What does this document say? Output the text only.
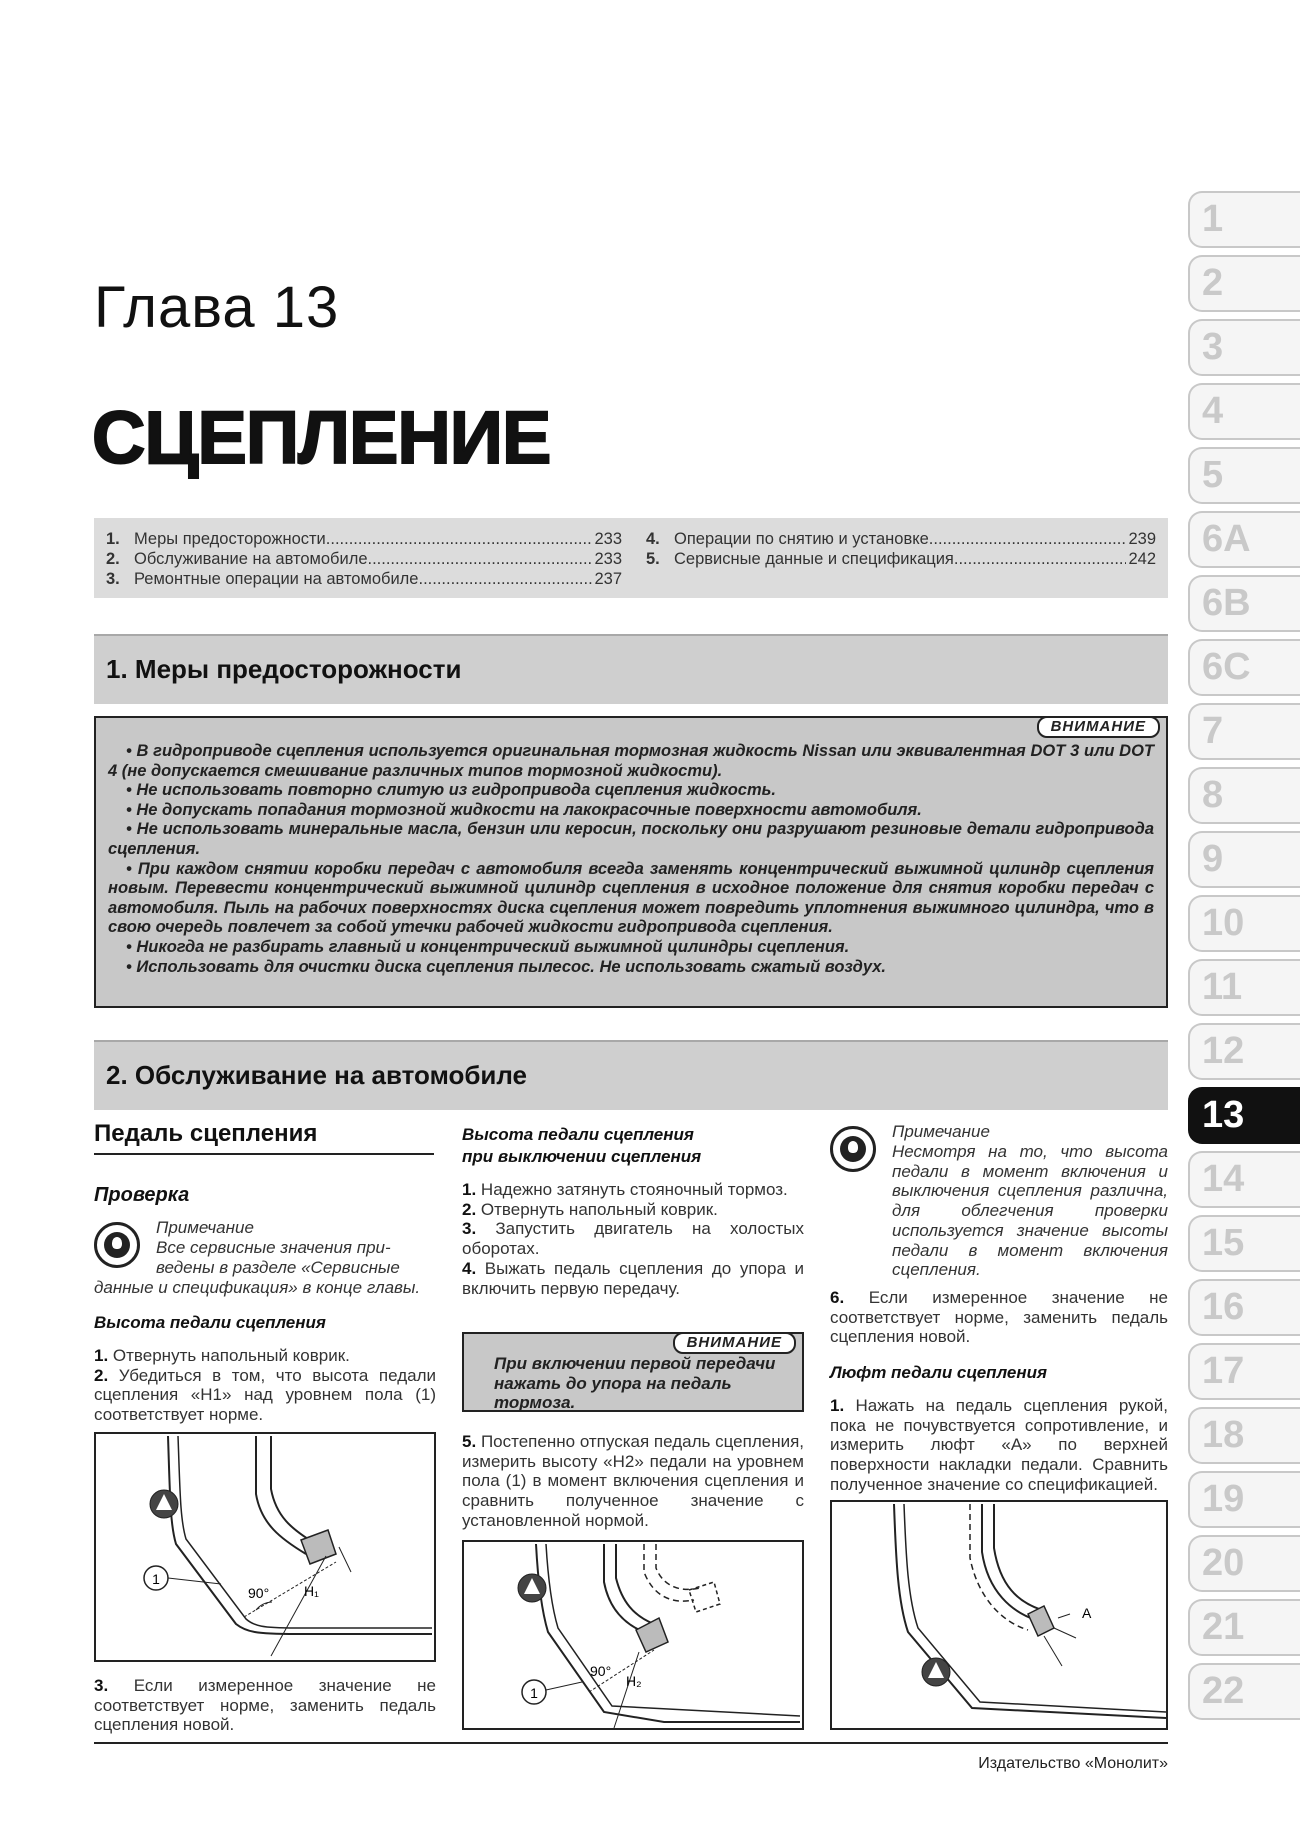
Глава 13
СЦЕПЛЕНИЕ
1. Меры предосторожности .....	233
2. Обслуживание на автомобиле .....	233
3. Ремонтные операции на автомобиле .....	237
4. Операции по снятию и установке .....	239
5. Сервисные данные и спецификация .....	242
1. Меры предосторожности
ВНИМАНИЕ

• В гидроприводе сцепления используется оригинальная тормозная жидкость Nissan или эквивалентная DOT 3 или DOT 4 (не допускается смешивание различных типов тормозной жидкости).

• Не использовать повторно слитую из гидропривода сцепления жидкость.

• Не допускать попадания тормозной жидкости на лакокрасочные поверхности автомобиля.

• Не использовать минеральные масла, бензин или керосин, поскольку они разрушают резиновые детали гидропривода сцепления.

• При каждом снятии коробки передач с автомобиля всегда заменять концентрический выжимной цилиндр сцепления новым. Перевести концентрический выжимной цилиндр сцепления в исходное положение для снятия коробки передач с автомобиля. Пыль на рабочих поверхностях диска сцепления может повредить уплотнения выжимного цилиндра, что в свою очередь повлечет за собой утечки рабочей жидкости гидропривода сцепления.

• Никогда не разбирать главный и концентрический выжимной цилиндры сцепления.

• Использовать для очистки диска сцепления пылесос. Не использовать сжатый воздух.

2. Обслуживание на автомобиле
Педаль сцепления
Проверка
Примечание
Все сервисные значения при-
ведены в разделе «Сервисные
данные и спецификация» в конце главы.
Высота педали сцепления

1. Отвернуть напольный коврик.

2. Убедиться в том, что высота педали сцепления «H1» над уровнем пола (1) соответствует норме.

1
90° H₁

3. Если измеренное значение не соответствует норме, заменить педаль сцепления новой.

Высота педали сцепления
при выключении сцепления

1. Надежно затянуть стояночный тормоз.

2. Отвернуть напольный коврик.

3. Запустить двигатель на холостых оборотах.

4. Выжать педаль сцепления до упора и включить первую передачу.

ВНИМАНИЕ
При включении первой передачи нажать до упора на педаль тормоза.

5. Постепенно отпуская педаль сцепления, измерить высоту «H2» педали на уровнем пола (1) в момент включения сцепления и сравнить полученное значение с установленной нормой.

1
90°
H₂
Примечание
Несмотря на то, что высота педали в момент включения и выключения сцепления различна, для облегчения проверки используется значение высоты педали в момент включения сцепления.

6. Если измеренное значение не соответствует норме, заменить педаль сцепления новой.

Люфт педали сцепления

1. Нажать на педаль сцепления рукой, пока не почувствуется сопротивление, и измерить люфт «А» по верхней поверхности накладки педали. Сравнить полученное значение со спецификацией.

A
1
2
3
4
5
6A
6B
6C
7
8
9
10
11
12
13
14
15
16
17
18
19
20
21
22
Издательство «Монолит»
